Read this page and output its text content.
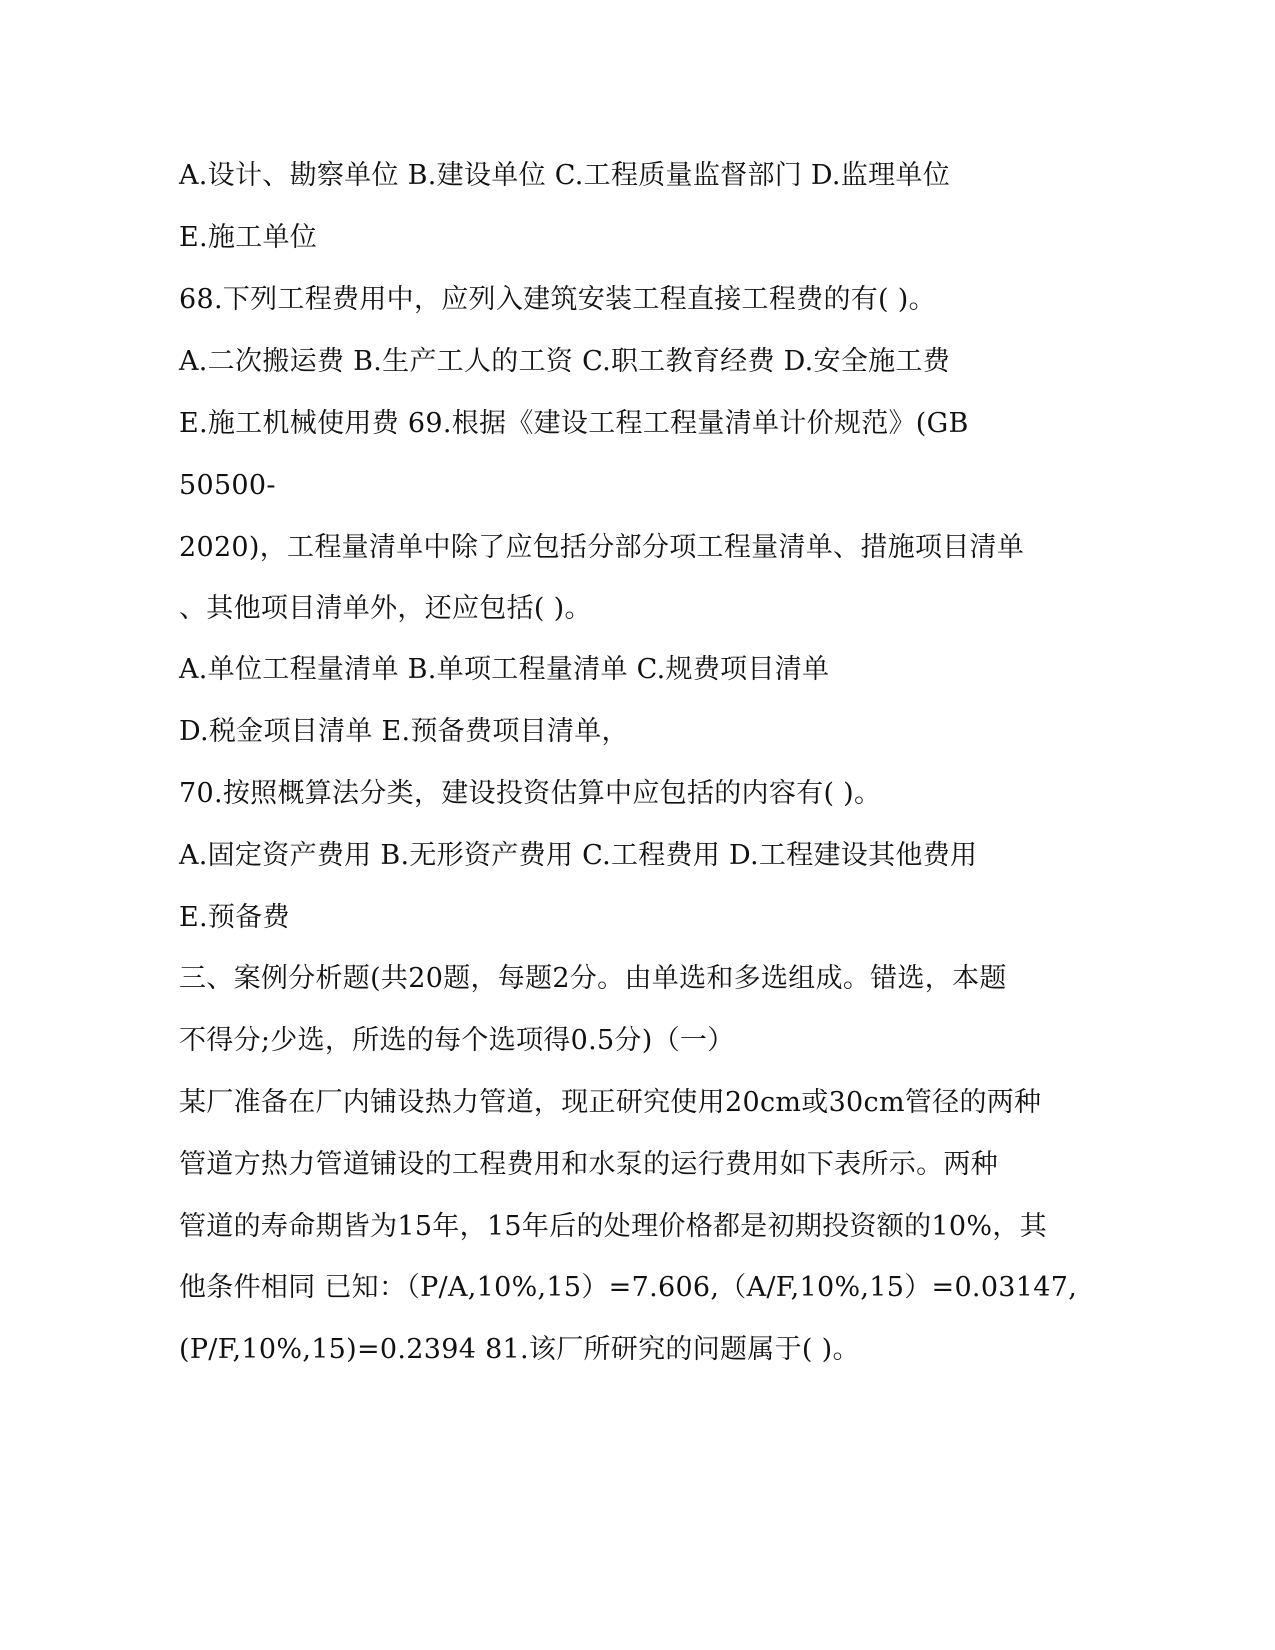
A.设计、勘察单位 B.建设单位 C.工程质量监督部门 D.监理单位
E.施工单位
68.下列工程费用中，应列入建筑安装工程直接工程费的有( )。
A.二次搬运费 B.生产工人的工资 C.职工教育经费 D.安全施工费
E.施工机械使用费 69.根据《建设工程工程量清单计价规范》(GB
50500-
2020)，工程量清单中除了应包括分部分项工程量清单、措施项目清单
、其他项目清单外，还应包括( )。
A.单位工程量清单 B.单项工程量清单 C.规费项目清单
D.税金项目清单 E.预备费项目清单，
70.按照概算法分类，建设投资估算中应包括的内容有( )。
A.固定资产费用 B.无形资产费用 C.工程费用 D.工程建设其他费用
E.预备费
三、案例分析题(共20题，每题2分。由单选和多选组成。错选，本题
不得分;少选，所选的每个选项得0.5分)（一）
某厂准备在厂内铺设热力管道，现正研究使用20cm或30cm管径的两种
管道方热力管道铺设的工程费用和水泵的运行费用如下表所示。两种
管道的寿命期皆为15年，15年后的处理价格都是初期投资额的10%，其
他条件相同 已知：（P/A,10%,15）=7.606,（A/F,10%,15）=0.03147,
(P/F,10%,15)=0.2394 81.该厂所研究的问题属于( )。
